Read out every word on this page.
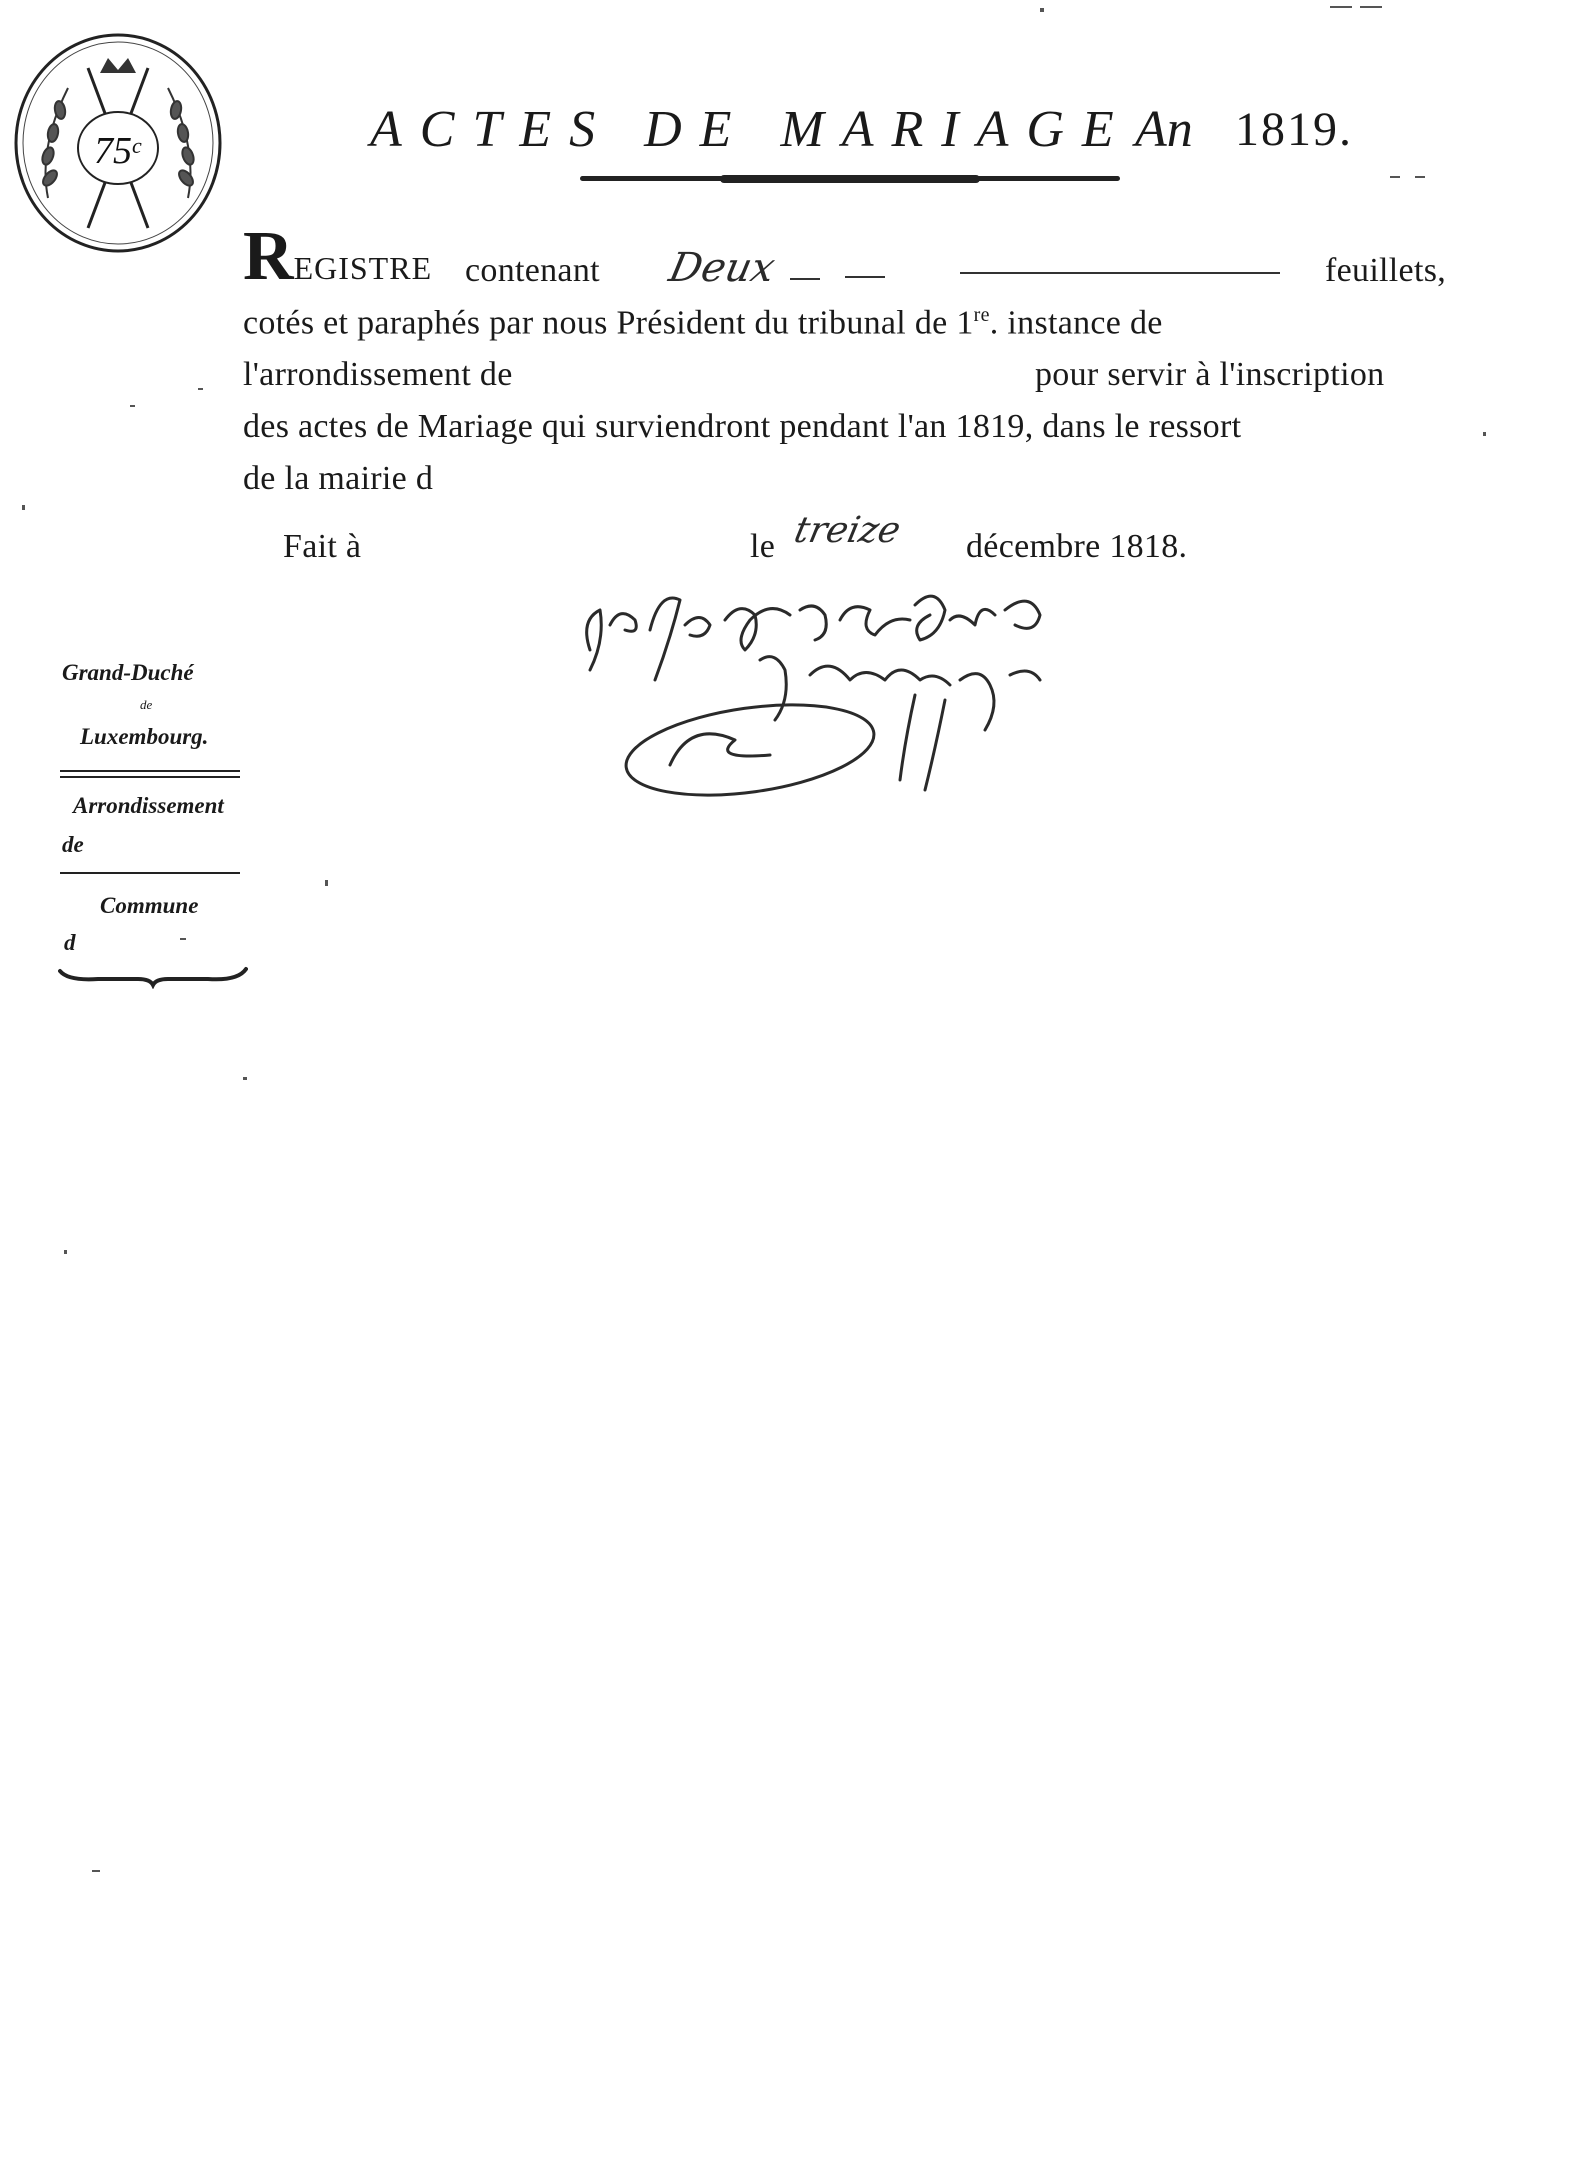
75$^c$	ACTES DE MARIAGE An 1819.
REGISTRE contenant Deux	feuillets,
cotés et paraphés par nous Président du tribunal de 1re. instance de
l'arrondissement de	pour servir à l'inscription
des actes de Mariage qui surviendront pendant l'an 1819, dans le ressort
de la mairie d
Fait à	le treize décembre 1818.
Grand-Duché
de
Luxembourg.
Arrondissement
de
Commune
d
